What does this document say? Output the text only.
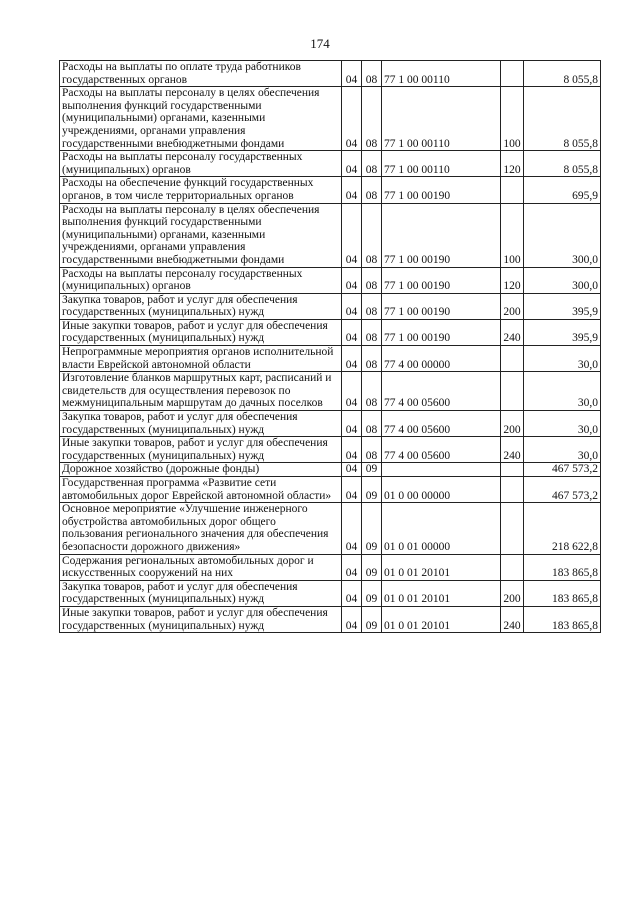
174
Расходы на выплаты по оплате труда работников государственных органов	04	08	77 1 00 00110		8 055,8
Расходы на выплаты персоналу в целях обеспечения выполнения функций государственными (муниципальными) органами, казенными учреждениями, органами управления государственными внебюджетными фондами	04	08	77 1 00 00110	100	8 055,8
Расходы на выплаты персоналу государственных (муниципальных) органов	04	08	77 1 00 00110	120	8 055,8
Расходы на обеспечение функций государственных органов, в том числе территориальных органов	04	08	77 1 00 00190		695,9
Расходы на выплаты персоналу в целях обеспечения выполнения функций государственными (муниципальными) органами, казенными учреждениями, органами управления государственными внебюджетными фондами	04	08	77 1 00 00190	100	300,0
Расходы на выплаты персоналу государственных (муниципальных) органов	04	08	77 1 00 00190	120	300,0
Закупка товаров, работ и услуг для обеспечения государственных (муниципальных) нужд	04	08	77 1 00 00190	200	395,9
Иные закупки товаров, работ и услуг для обеспечения государственных (муниципальных) нужд	04	08	77 1 00 00190	240	395,9
Непрограммные мероприятия органов исполнительной власти Еврейской автономной области	04	08	77 4 00 00000		30,0
Изготовление бланков маршрутных карт, расписаний и свидетельств для осуществления перевозок по межмуниципальным маршрутам до дачных поселков	04	08	77 4 00 05600		30,0
Закупка товаров, работ и услуг для обеспечения государственных (муниципальных) нужд	04	08	77 4 00 05600	200	30,0
Иные закупки товаров, работ и услуг для обеспечения государственных (муниципальных) нужд	04	08	77 4 00 05600	240	30,0
Дорожное хозяйство (дорожные фонды)	04	09			467 573,2
Государственная программа «Развитие сети автомобильных дорог Еврейской автономной области»	04	09	01 0 00 00000		467 573,2
Основное мероприятие «Улучшение инженерного обустройства автомобильных дорог общего пользования регионального значения для обеспечения безопасности дорожного движения»	04	09	01 0 01 00000		218 622,8
Содержания региональных автомобильных дорог и искусственных сооружений на них	04	09	01 0 01 20101		183 865,8
Закупка товаров, работ и услуг для обеспечения государственных (муниципальных) нужд	04	09	01 0 01 20101	200	183 865,8
Иные закупки товаров, работ и услуг для обеспечения государственных (муниципальных) нужд	04	09	01 0 01 20101	240	183 865,8
